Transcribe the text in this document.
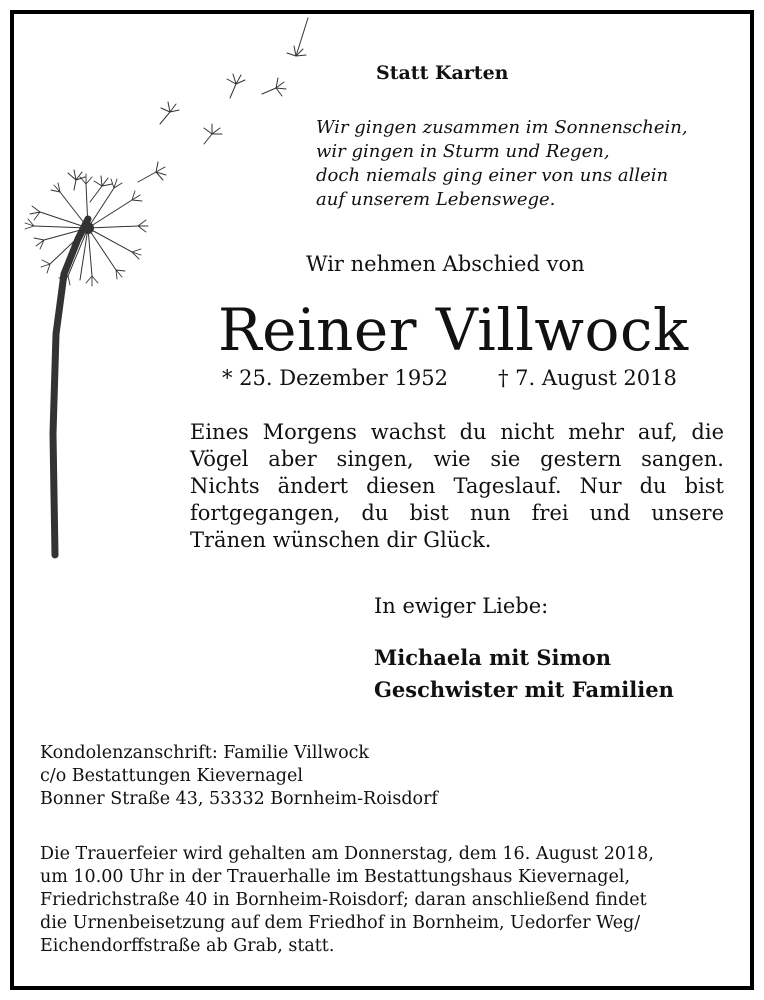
Statt Karten
Wir gingen zusammen im Sonnenschein,
wir gingen in Sturm und Regen,
doch niemals ging einer von uns allein
auf unserem Lebenswege.
Wir nehmen Abschied von
Reiner Villwock
* 25. Dezember 1952 † 7. August 2018
Eines Morgens wachst du nicht mehr auf, die
Vögel aber singen, wie sie gestern sangen.
Nichts ändert diesen Tageslauf. Nur du bist
fortgegangen, du bist nun frei und unsere
Tränen wünschen dir Glück.
In ewiger Liebe:
Michaela mit Simon
Geschwister mit Familien
Kondolenzanschrift: Familie Villwock
c/o Bestattungen Kievernagel
Bonner Straße 43, 53332 Bornheim-Roisdorf
Die Trauerfeier wird gehalten am Donnerstag, dem 16. August 2018,
um 10.00 Uhr in der Trauerhalle im Bestattungshaus Kievernagel,
Friedrichstraße 40 in Bornheim-Roisdorf; daran anschließend findet
die Urnenbeisetzung auf dem Friedhof in Bornheim, Uedorfer Weg/
Eichendorffstraße ab Grab, statt.
